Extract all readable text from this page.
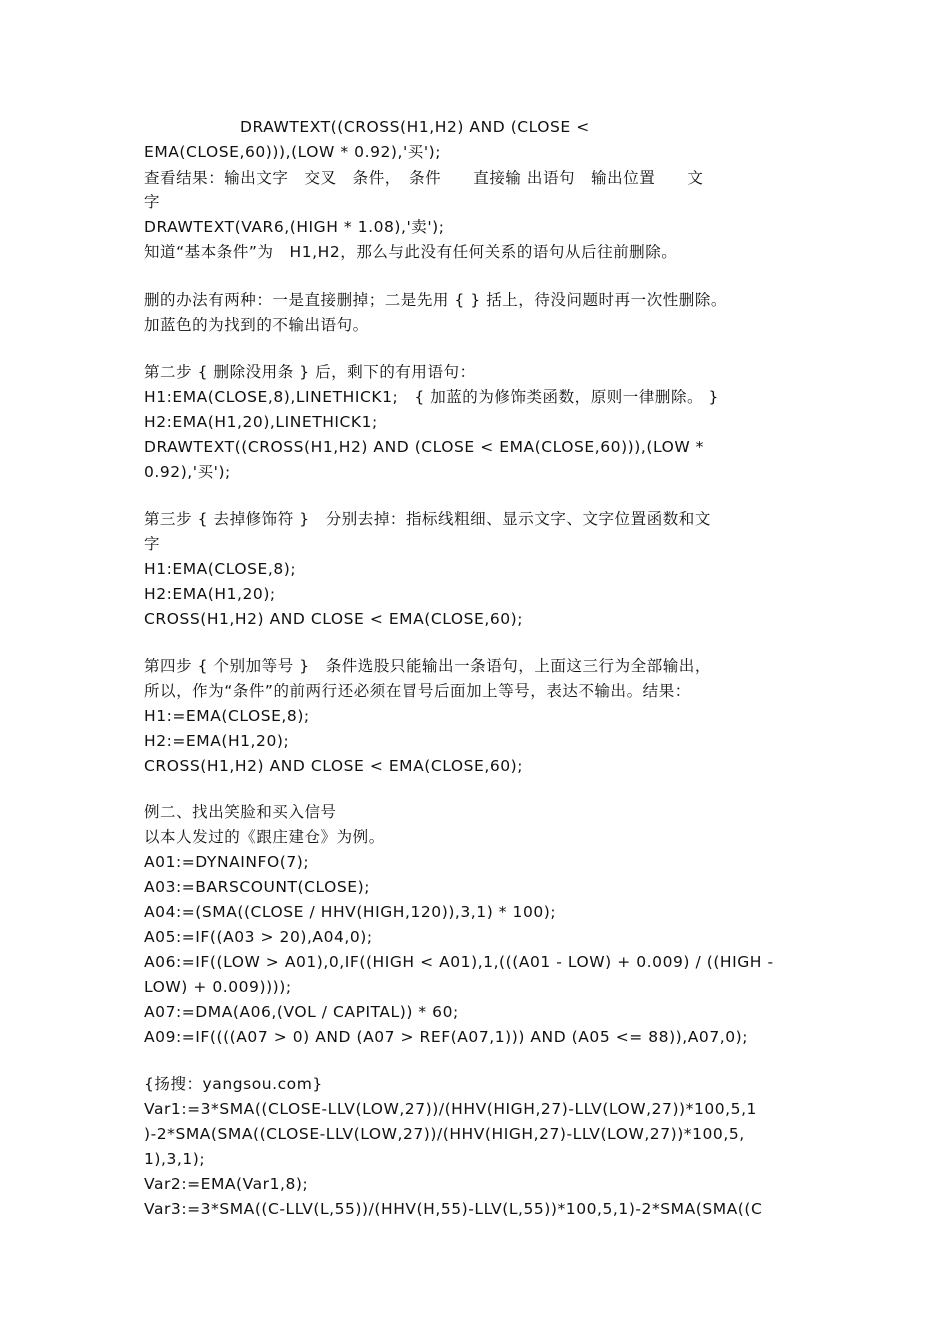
DRAWTEXT((CROSS(H1,H2) AND (CLOSE <

EMA(CLOSE,60))),(LOW * 0.92),'买');

查看结果：输出文字　交叉　条件，　条件　　直接输 出语句　输出位置　　文

字

DRAWTEXT(VAR6,(HIGH * 1.08),'卖');

知道“基本条件”为　H1,H2，那么与此没有任何关系的语句从后往前删除。

删的办法有两种：一是直接删掉；二是先用 { } 括上，待没问题时再一次性删除。

加蓝色的为找到的不输出语句。

第二步 { 删除没用条 } 后，剩下的有用语句：

H1:EMA(CLOSE,8),LINETHICK1;　{ 加蓝的为修饰类函数，原则一律删除。 }

H2:EMA(H1,20),LINETHICK1;

DRAWTEXT((CROSS(H1,H2) AND (CLOSE < EMA(CLOSE,60))),(LOW *

0.92),'买');

第三步 { 去掉修饰符 }　分别去掉：指标线粗细、显示文字、文字位置函数和文

字

H1:EMA(CLOSE,8);

H2:EMA(H1,20);

CROSS(H1,H2) AND CLOSE < EMA(CLOSE,60);

第四步 { 个别加等号 }　条件选股只能输出一条语句，上面这三行为全部输出，

所以，作为“条件”的前两行还必须在冒号后面加上等号，表达不输出。结果：

H1:=EMA(CLOSE,8);

H2:=EMA(H1,20);

CROSS(H1,H2) AND CLOSE < EMA(CLOSE,60);

例二、找出笑脸和买入信号

以本人发过的《跟庄建仓》为例。

A01:=DYNAINFO(7);

A03:=BARSCOUNT(CLOSE);

A04:=(SMA((CLOSE / HHV(HIGH,120)),3,1) * 100);

A05:=IF((A03 > 20),A04,0);

A06:=IF((LOW > A01),0,IF((HIGH < A01),1,(((A01 - LOW) + 0.009) / ((HIGH -

LOW) + 0.009))));

A07:=DMA(A06,(VOL / CAPITAL)) * 60;

A09:=IF((((A07 > 0) AND (A07 > REF(A07,1))) AND (A05 <= 88)),A07,0);

{扬搜：yangsou.com}

Var1:=3*SMA((CLOSE-LLV(LOW,27))/(HHV(HIGH,27)-LLV(LOW,27))*100,5,1

)-2*SMA(SMA((CLOSE-LLV(LOW,27))/(HHV(HIGH,27)-LLV(LOW,27))*100,5,

1),3,1);

Var2:=EMA(Var1,8);

Var3:=3*SMA((C-LLV(L,55))/(HHV(H,55)-LLV(L,55))*100,5,1)-2*SMA(SMA((C
